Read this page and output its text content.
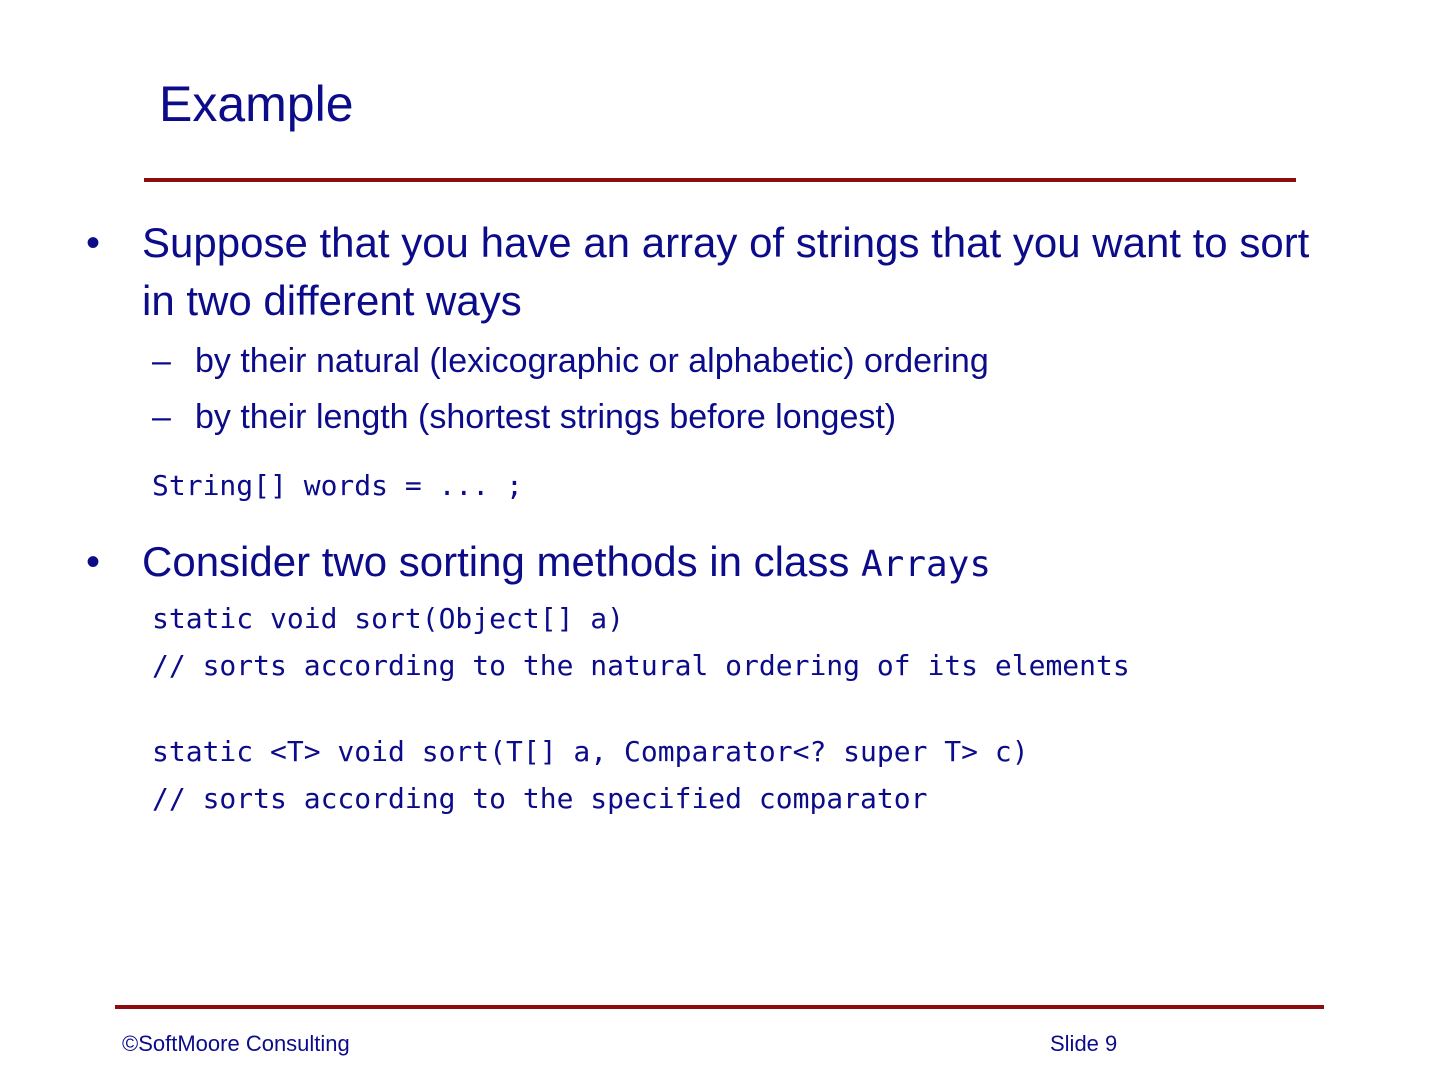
Example
• Suppose that you have an array of strings that you want to sort in two different ways
– by their natural (lexicographic or alphabetic) ordering
– by their length (shortest strings before longest)
String[] words = ... ;
• Consider two sorting methods in class Arrays
static void sort(Object[] a)
// sorts according to the natural ordering of its elements
static <T> void sort(T[] a, Comparator<? super T> c)
// sorts according to the specified comparator
©SoftMoore Consulting	Slide 9
